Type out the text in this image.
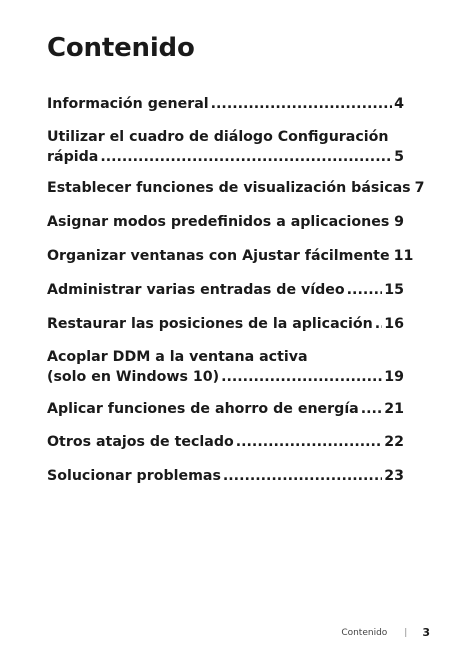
Contenido
Información general .....	4
Utilizar el cuadro de diálogo Configuración
rápida .....	5
Establecer funciones de visualización básicas 7
Asignar modos predefinidos a aplicaciones ..... 9
Organizar ventanas con Ajustar fácilmente 11
Administrar varias entradas de vídeo .....	15
Restaurar las posiciones de la aplicación ..... 16
Acoplar DDM a la ventana activa
(solo en Windows 10) .....	19
Aplicar funciones de ahorro de energía ..... 21
Otros atajos de teclado .....	22
Solucionar problemas .....	23
Contenido | 3
